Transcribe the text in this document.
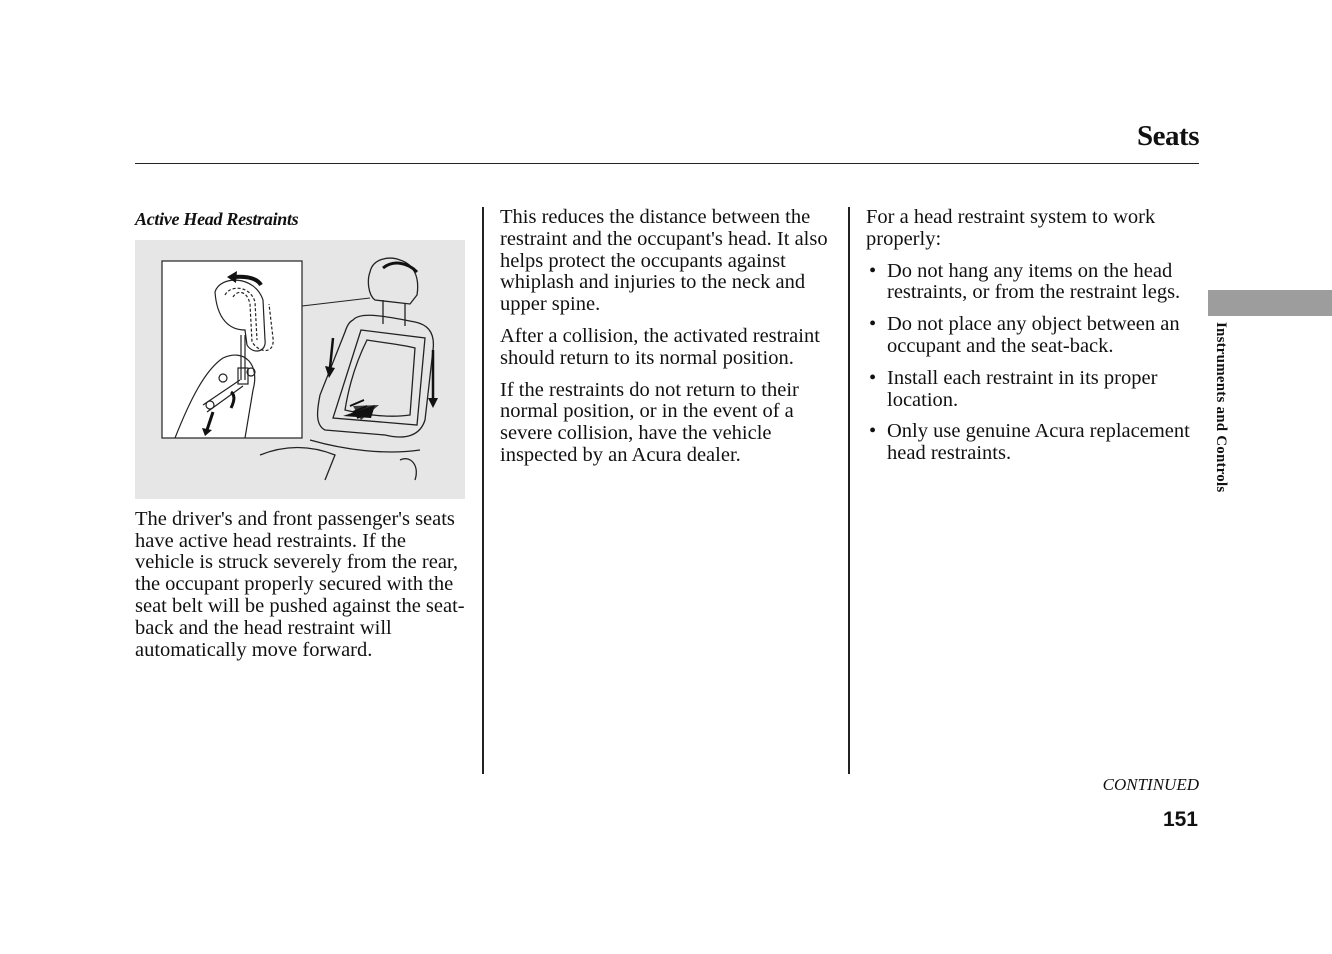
Seats
Active Head Restraints

The driver's and front passenger's seats have active head restraints. If the vehicle is struck severely from the rear, the occupant properly secured with the seat belt will be pushed against the seat-back and the head restraint will automatically move forward.

This reduces the distance between the restraint and the occupant's head. It also helps protect the occupants against whiplash and injuries to the neck and upper spine.

After a collision, the activated restraint should return to its normal position.

If the restraints do not return to their normal position, or in the event of a severe collision, have the vehicle inspected by an Acura dealer.

For a head restraint system to work properly:

• Do not hang any items on the head restraints, or from the restraint legs.
• Do not place any object between an occupant and the seat-back.
• Install each restraint in its proper location.
• Only use genuine Acura replacement head restraints.	Instruments and Controls
CONTINUED
151
